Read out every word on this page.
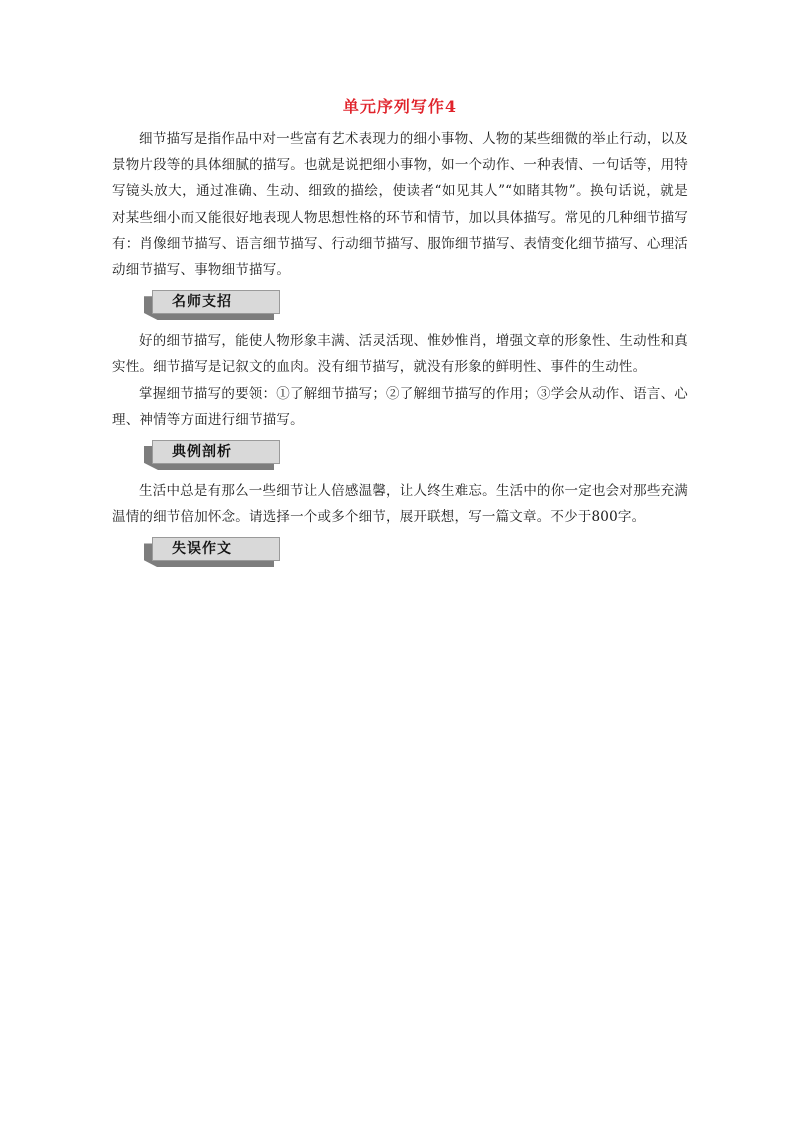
单元序列写作4

细节描写是指作品中对一些富有艺术表现力的细小事物、人物的某些细微的举止行动，以及景物片段等的具体细腻的描写。也就是说把细小事物，如一个动作、一种表情、一句话等，用特写镜头放大，通过准确、生动、细致的描绘，使读者“如见其人”“如睹其物”。换句话说，就是对某些细小而又能很好地表现人物思想性格的环节和情节，加以具体描写。常见的几种细节描写有：肖像细节描写、语言细节描写、行动细节描写、服饰细节描写、表情变化细节描写、心理活动细节描写、事物细节描写。

名师支招

好的细节描写，能使人物形象丰满、活灵活现、惟妙惟肖，增强文章的形象性、生动性和真实性。细节描写是记叙文的血肉。没有细节描写，就没有形象的鲜明性、事件的生动性。

掌握细节描写的要领：①了解细节描写；②了解细节描写的作用；③学会从动作、语言、心理、神情等方面进行细节描写。

典例剖析

生活中总是有那么一些细节让人倍感温馨，让人终生难忘。生活中的你一定也会对那些充满温情的细节倍加怀念。请选择一个或多个细节，展开联想，写一篇文章。不少于800字。

失误作文
